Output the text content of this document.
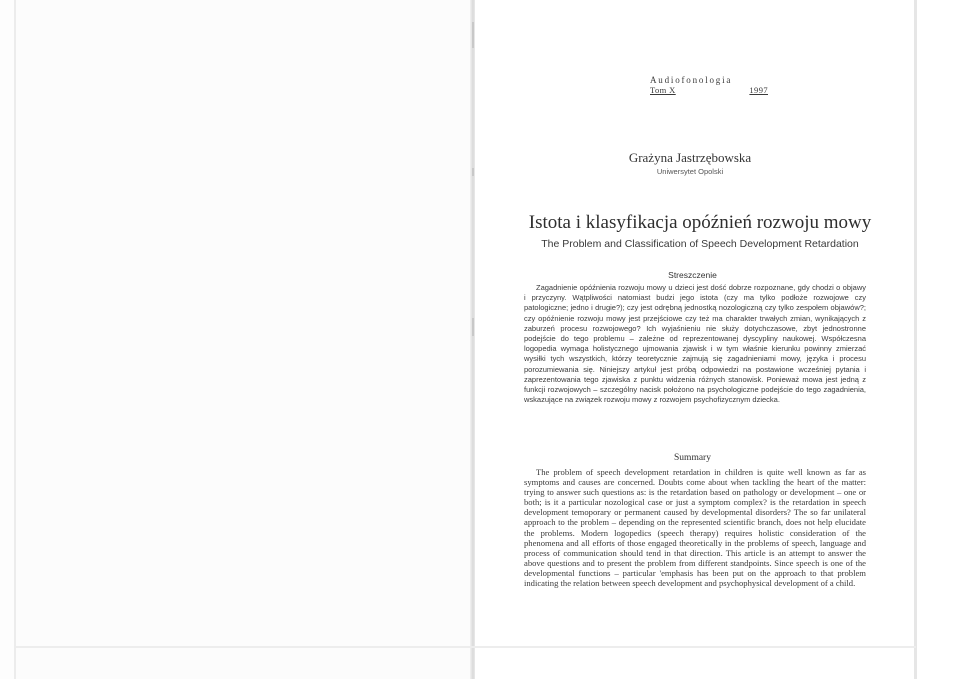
Audiofonologia
Tom X	1997
Grażyna Jastrzębowska
Uniwersytet Opolski
Istota i klasyfikacja opóźnień rozwoju mowy
The Problem and Classification of Speech Development Retardation
Streszczenie
Zagadnienie opóźnienia rozwoju mowy u dzieci jest dość dobrze rozpoznane, gdy chodzi o objawy i przyczyny. Wątpliwości natomiast budzi jego istota (czy ma tylko podłoże rozwojowe czy patologiczne; jedno i drugie?); czy jest odrębną jednostką nozologiczną czy tylko zespołem objawów?; czy opóźnienie rozwoju mowy jest przejściowe czy też ma charakter trwałych zmian, wynikających z zaburzeń procesu rozwojowego? Ich wyjaśnieniu nie służy dotychczasowe, zbyt jednostronne podejście do tego problemu – zależne od reprezentowanej dyscypliny naukowej. Współczesna logopedia wymaga holistycznego ujmowania zjawisk i w tym właśnie kierunku powinny zmierzać wysiłki tych wszystkich, którzy teoretycznie zajmują się zagadnieniami mowy, języka i procesu porozumiewania się. Niniejszy artykuł jest próbą odpowiedzi na postawione wcześniej pytania i zaprezentowania tego zjawiska z punktu widzenia różnych stanowisk. Ponieważ mowa jest jedną z funkcji rozwojowych – szczególny nacisk położono na psychologiczne podejście do tego zagadnienia, wskazujące na związek rozwoju mowy z rozwojem psychofizycznym dziecka.
Summary
The problem of speech development retardation in children is quite well known as far as symptoms and causes are concerned. Doubts come about when tackling the heart of the matter: trying to answer such questions as: is the retardation based on pathology or development – one or both; is it a particular nozological case or just a symptom complex? is the retardation in speech development temoporary or permanent caused by developmental disorders? The so far unilateral approach to the problem – depending on the represented scientific branch, does not help elucidate the problems. Modern logopedics (speech therapy) requires holistic consideration of the phenomena and all efforts of those engaged theoretically in the problems of speech, language and process of communication should tend in that direction. This article is an attempt to answer the above questions and to present the problem from different standpoints. Since speech is one of the developmental functions – particular 'emphasis has been put on the approach to that problem indicating the relation between speech development and psychophysical development of a child.
